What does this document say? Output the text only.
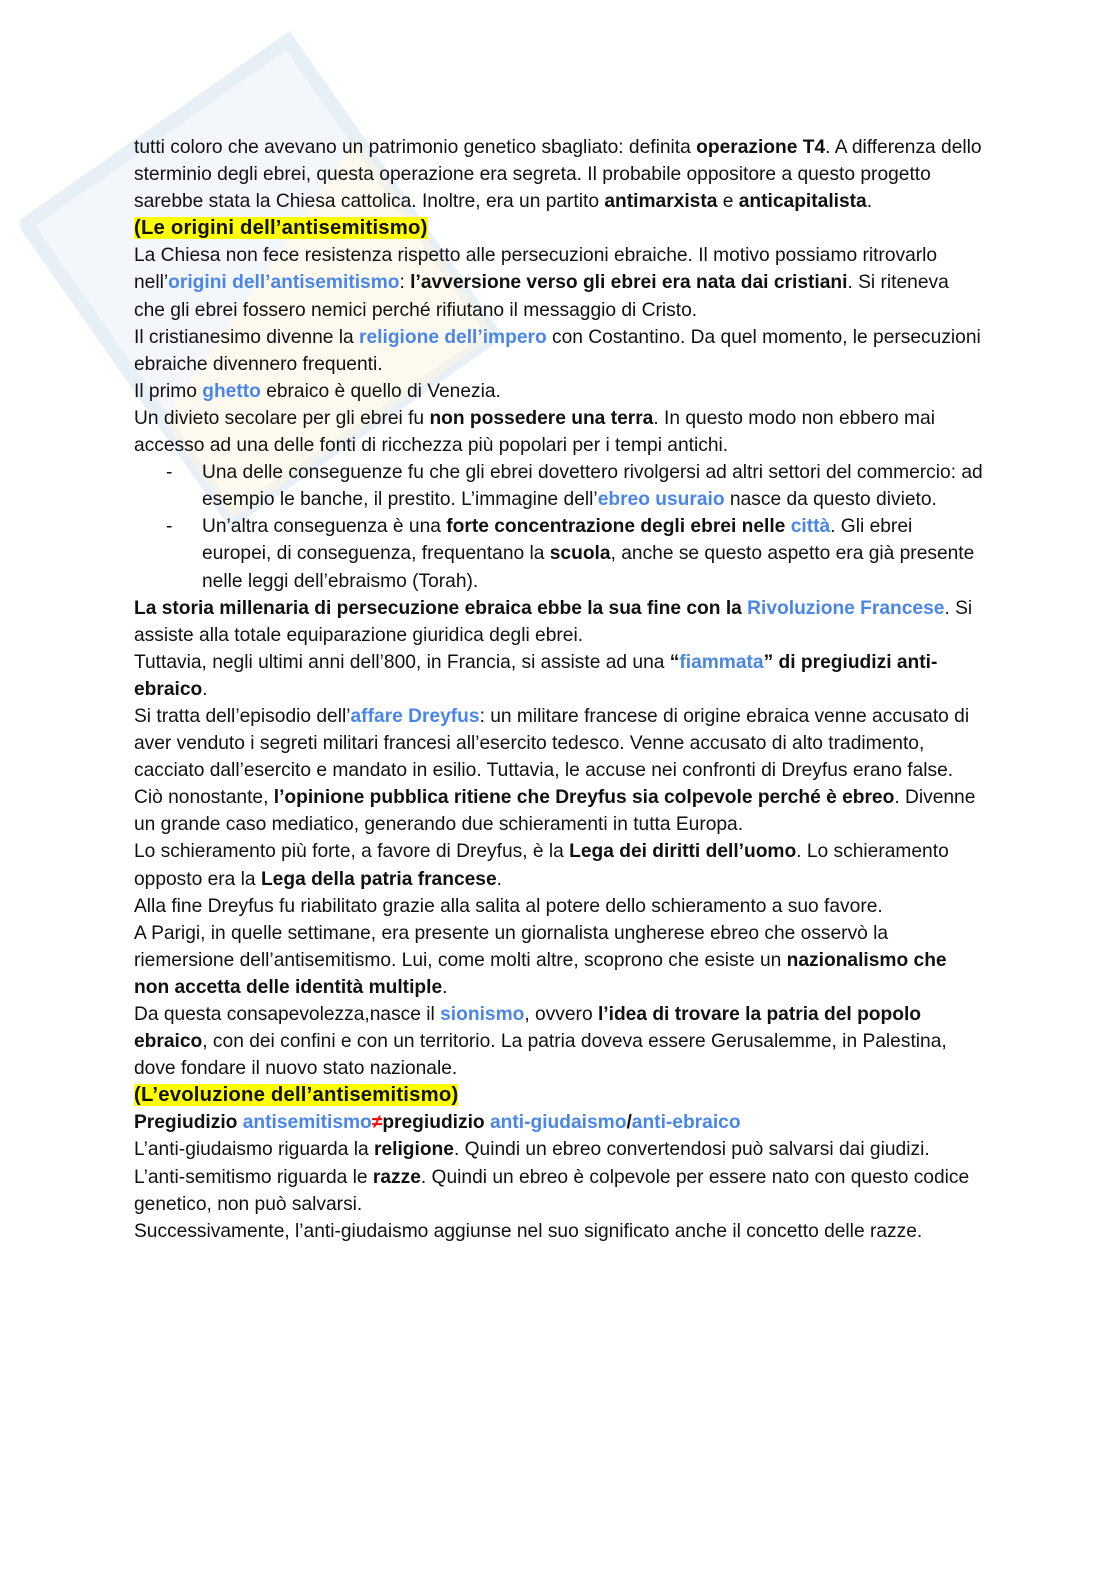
tutti coloro che avevano un patrimonio genetico sbagliato: definita operazione T4. A differenza dello sterminio degli ebrei, questa operazione era segreta. Il probabile oppositore a questo progetto sarebbe stata la Chiesa cattolica. Inoltre, era un partito antimarxista e anticapitalista.

(Le origini dell’antisemitismo)

La Chiesa non fece resistenza rispetto alle persecuzioni ebraiche. Il motivo possiamo ritrovarlo nell’origini dell’antisemitismo: l’avversione verso gli ebrei era nata dai cristiani. Si riteneva che gli ebrei fossero nemici perché rifiutano il messaggio di Cristo.

Il cristianesimo divenne la religione dell’impero con Costantino. Da quel momento, le persecuzioni ebraiche divennero frequenti.

Il primo ghetto ebraico è quello di Venezia.

Un divieto secolare per gli ebrei fu non possedere una terra. In questo modo non ebbero mai accesso ad una delle fonti di ricchezza più popolari per i tempi antichi.

- Una delle conseguenze fu che gli ebrei dovettero rivolgersi ad altri settori del commercio: ad esempio le banche, il prestito. L’immagine dell’ebreo usuraio nasce da questo divieto.
- Un’altra conseguenza è una forte concentrazione degli ebrei nelle città. Gli ebrei europei, di conseguenza, frequentano la scuola, anche se questo aspetto era già presente nelle leggi dell’ebraismo (Torah).

La storia millenaria di persecuzione ebraica ebbe la sua fine con la Rivoluzione Francese. Si assiste alla totale equiparazione giuridica degli ebrei.

Tuttavia, negli ultimi anni dell’800, in Francia, si assiste ad una “fiammata” di pregiudizi anti-ebraico.

Si tratta dell’episodio dell’affare Dreyfus: un militare francese di origine ebraica venne accusato di aver venduto i segreti militari francesi all’esercito tedesco. Venne accusato di alto tradimento, cacciato dall’esercito e mandato in esilio. Tuttavia, le accuse nei confronti di Dreyfus erano false. Ciò nonostante, l’opinione pubblica ritiene che Dreyfus sia colpevole perché è ebreo. Divenne un grande caso mediatico, generando due schieramenti in tutta Europa.

Lo schieramento più forte, a favore di Dreyfus, è la Lega dei diritti dell’uomo. Lo schieramento opposto era la Lega della patria francese.

Alla fine Dreyfus fu riabilitato grazie alla salita al potere dello schieramento a suo favore.

A Parigi, in quelle settimane, era presente un giornalista ungherese ebreo che osservò la riemersione dell’antisemitismo. Lui, come molti altre, scoprono che esiste un nazionalismo che non accetta delle identità multiple.

Da questa consapevolezza,nasce il sionismo, ovvero l’idea di trovare la patria del popolo ebraico, con dei confini e con un territorio. La patria doveva essere Gerusalemme, in Palestina, dove fondare il nuovo stato nazionale.

(L’evoluzione dell’antisemitismo)

Pregiudizio antisemitismo≠pregiudizio anti-giudaismo/anti-ebraico

L’anti-giudaismo riguarda la religione. Quindi un ebreo convertendosi può salvarsi dai giudizi.

L’anti-semitismo riguarda le razze. Quindi un ebreo è colpevole per essere nato con questo codice genetico, non può salvarsi.

Successivamente, l’anti-giudaismo aggiunse nel suo significato anche il concetto delle razze.
